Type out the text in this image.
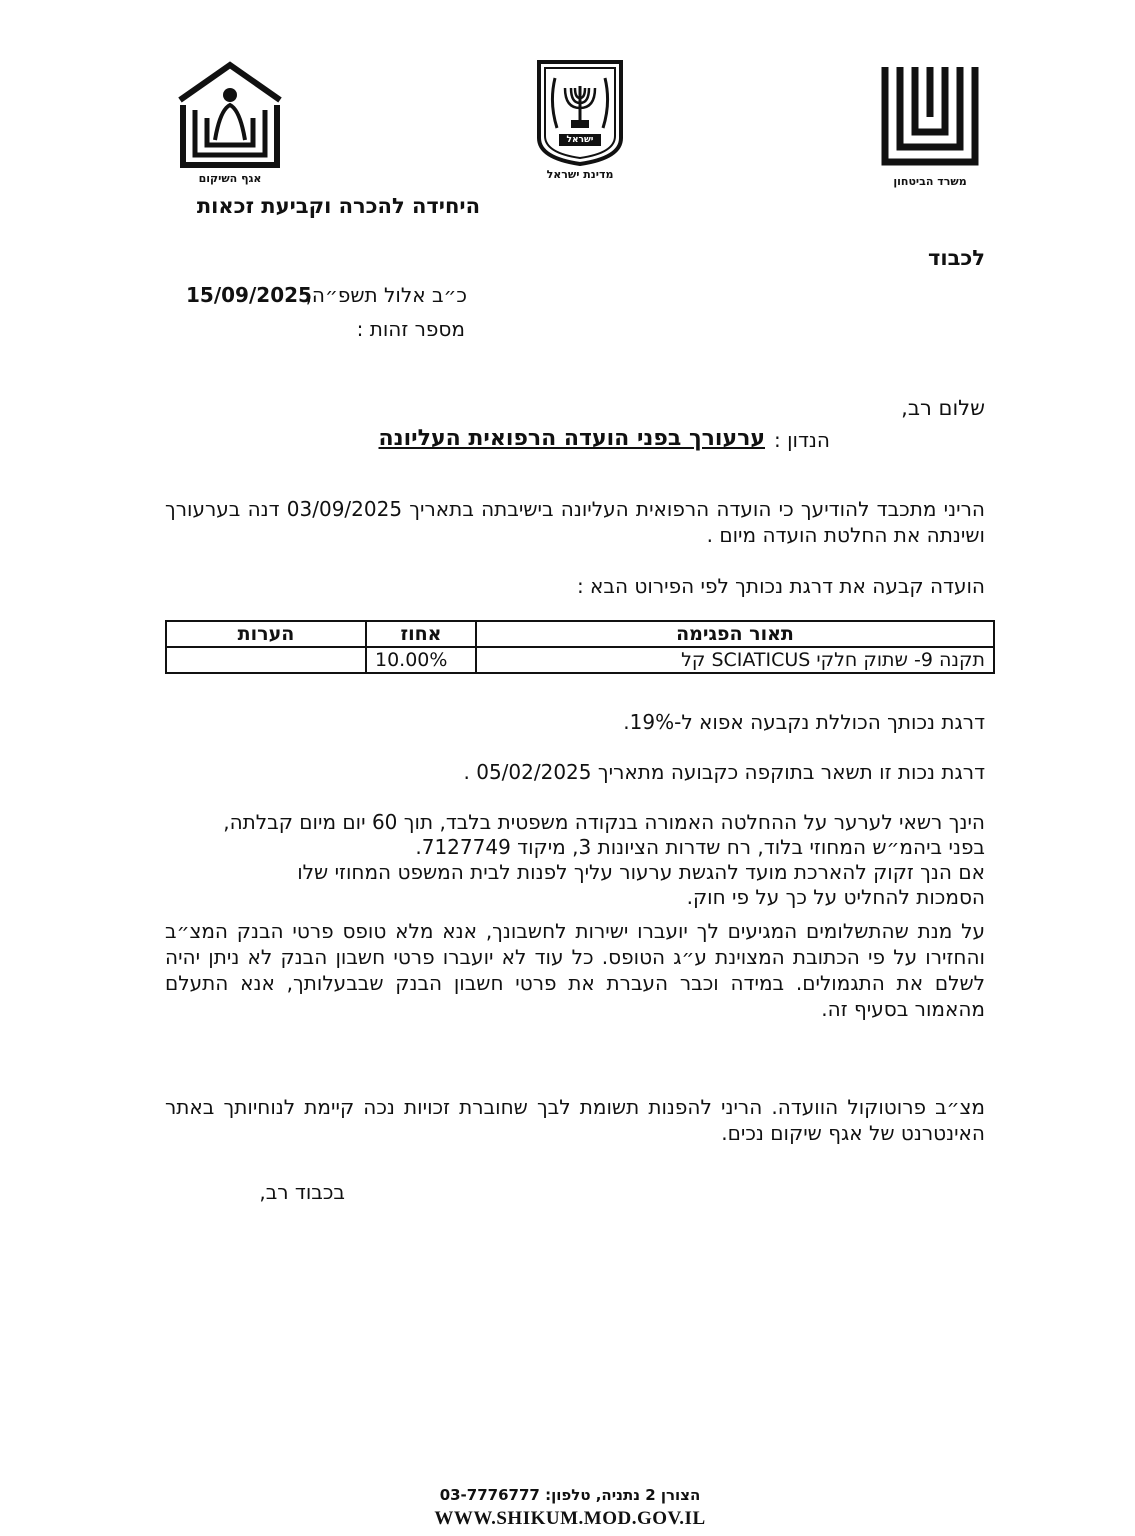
אגף השיקום
ישראל
מדינת ישראל
משרד הביטחון
היחידה להכרה וקביעת זכאות
לכבוד
15/09/2025
כ״ב אלול תשפ״ה,
מספר זהות :
שלום רב,
הנדון :
ערעורך בפני הועדה הרפואית העליונה
הריני מתכבד להודיעך כי הועדה הרפואית העליונה בישיבתה בתאריך 03/09/2025 דנה בערעורך ושינתה את החלטת הועדה מיום .
הועדה קבעה את דרגת נכותך לפי הפירוט הבא :
תאור הפגימה	אחוז	הערות
תקנה 9- שתוק חלקי SCIATICUS קל	10.00%	
דרגת נכותך הכוללת נקבעה אפוא ל-19%.
דרגת נכות זו תשאר בתוקפה כקבועה מתאריך 05/02/2025 .
הינך רשאי לערער על ההחלטה האמורה בנקודה משפטית בלבד, תוך 60 יום מיום קבלתה,
בפני ביהמ״ש המחוזי בלוד, רח שדרות הציונות 3, מיקוד 7127749.
אם הנך זקוק להארכת מועד להגשת ערעור עליך לפנות לבית המשפט המחוזי שלו
הסמכות להחליט על כך על פי חוק.
על מנת שהתשלומים המגיעים לך יועברו ישירות לחשבונך, אנא מלא טופס פרטי הבנק המצ״ב והחזירו על פי הכתובת המצוינת ע״ג הטופס. כל עוד לא יועברו פרטי חשבון הבנק לא ניתן יהיה לשלם את התגמולים. במידה וכבר העברת את פרטי חשבון הבנק שבבעלותך, אנא התעלם מהאמור בסעיף זה.
מצ״ב פרוטוקול הוועדה. הריני להפנות תשומת לבך שחוברת זכויות נכה קיימת לנוחיותך באתר האינטרנט של אגף שיקום נכים.
בכבוד רב,
הצורן 2 נתניה, טלפון: 03-7776777
WWW.SHIKUM.MOD.GOV.IL
